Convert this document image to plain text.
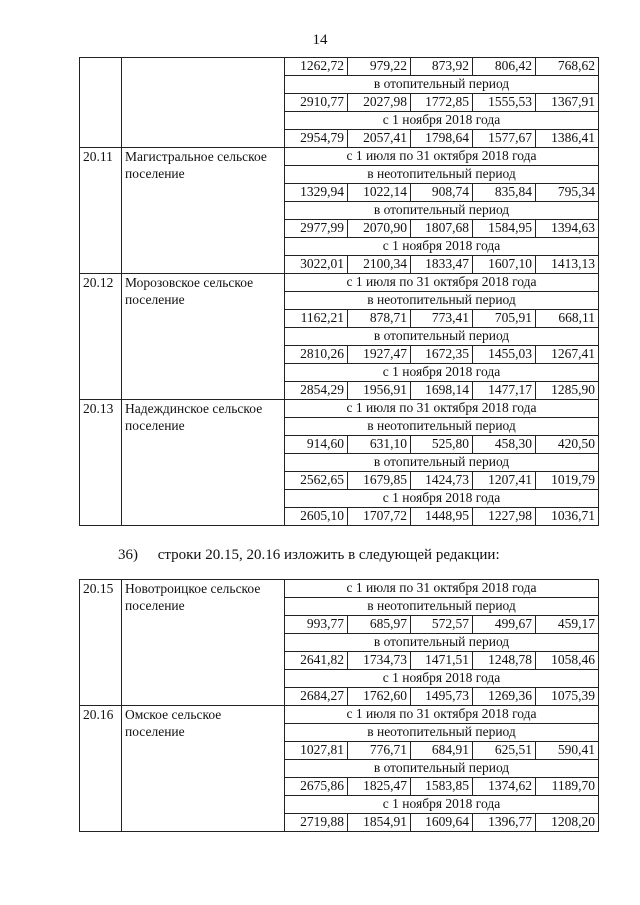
14
		1262,72	979,22	873,92	806,42	768,62
		в отопительный период				
		2910,77	2027,98	1772,85	1555,53	1367,91
		с 1 ноября 2018 года				
		2954,79	2057,41	1798,64	1577,67	1386,41
20.11	Магистральное сельское поселение	с 1 июля по 31 октября 2018 года				
		в неотопительный период				
		1329,94	1022,14	908,74	835,84	795,34
		в отопительный период				
		2977,99	2070,90	1807,68	1584,95	1394,63
		с 1 ноября 2018 года				
		3022,01	2100,34	1833,47	1607,10	1413,13
20.12	Морозовское сельское поселение	с 1 июля по 31 октября 2018 года				
		в неотопительный период				
		1162,21	878,71	773,41	705,91	668,11
		в отопительный период				
		2810,26	1927,47	1672,35	1455,03	1267,41
		с 1 ноября 2018 года				
		2854,29	1956,91	1698,14	1477,17	1285,90
20.13	Надеждинское сельское поселение	с 1 июля по 31 октября 2018 года				
		в неотопительный период				
		914,60	631,10	525,80	458,30	420,50
		в отопительный период				
		2562,65	1679,85	1424,73	1207,41	1019,79
		с 1 ноября 2018 года				
		2605,10	1707,72	1448,95	1227,98	1036,71
36) строки 20.15, 20.16 изложить в следующей редакции:
20.15	Новотроицкое сельское поселение	с 1 июля по 31 октября 2018 года				
		в неотопительный период				
		993,77	685,97	572,57	499,67	459,17
		в отопительный период				
		2641,82	1734,73	1471,51	1248,78	1058,46
		с 1 ноября 2018 года				
		2684,27	1762,60	1495,73	1269,36	1075,39
20.16	Омское сельское поселение	с 1 июля по 31 октября 2018 года				
		в неотопительный период				
		1027,81	776,71	684,91	625,51	590,41
		в отопительный период				
		2675,86	1825,47	1583,85	1374,62	1189,70
		с 1 ноября 2018 года				
		2719,88	1854,91	1609,64	1396,77	1208,20
